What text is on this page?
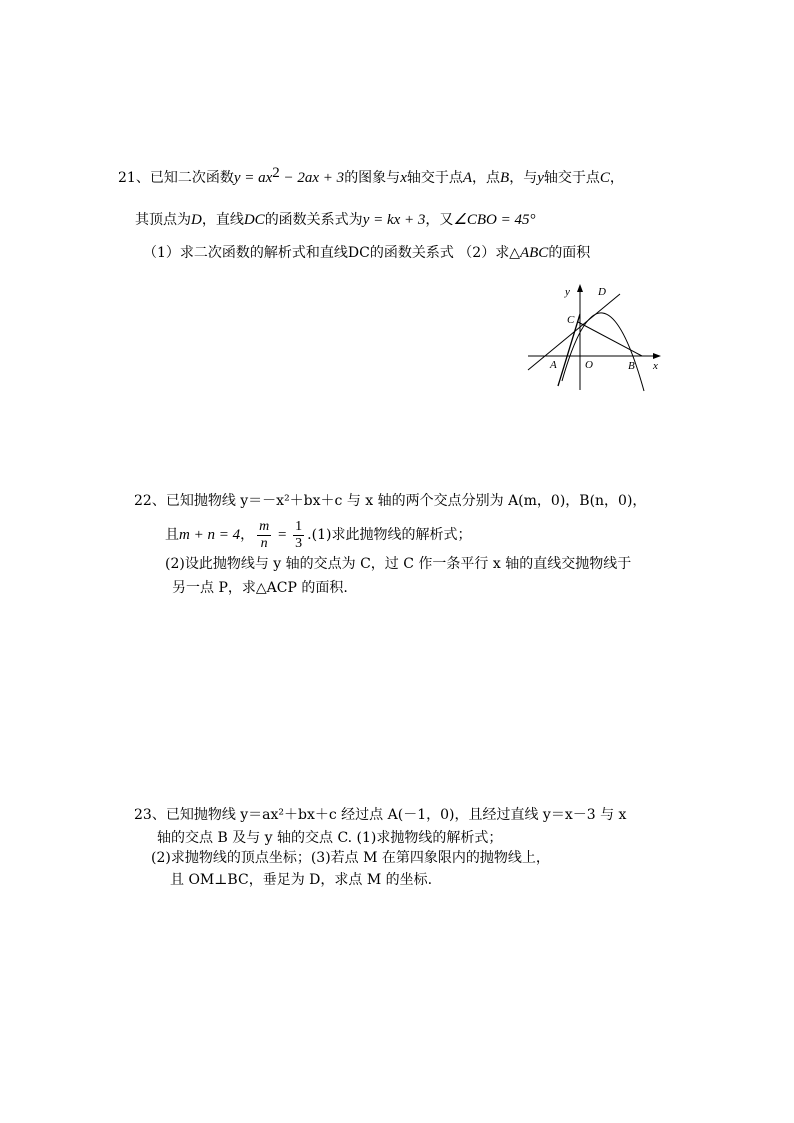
21、已知二次函数$y = ax^2 - 2ax + 3$的图象与x轴交于点A，点B，与y轴交于点C，
其顶点为D，直线DC的函数关系式为y = kx + 3，又∠CBO = 45°
（1）求二次函数的解析式和直线DC的函数关系式 （2）求△ABC的面积
y	D
C
A	O	B x
22、已知抛物线 y＝－x²＋bx＋c 与 x 轴的两个交点分别为 A(m，0)，B(n，0)，
且m + n = 4， $\frac{m}{n} = \frac{1}{3} .(1)$求此抛物线的解析式；
(2)设此抛物线与 y 轴的交点为 C，过 C 作一条平行 x 轴的直线交抛物线于
另一点 P，求△ACP 的面积.
23、已知抛物线 y＝ax²＋bx＋c 经过点 A(－1，0)，且经过直线 y＝x－3 与 x
轴的交点 B 及与 y 轴的交点 C. (1)求抛物线的解析式；
(2)求抛物线的顶点坐标；(3)若点 M 在第四象限内的抛物线上，
且 OM⊥BC，垂足为 D，求点 M 的坐标.
